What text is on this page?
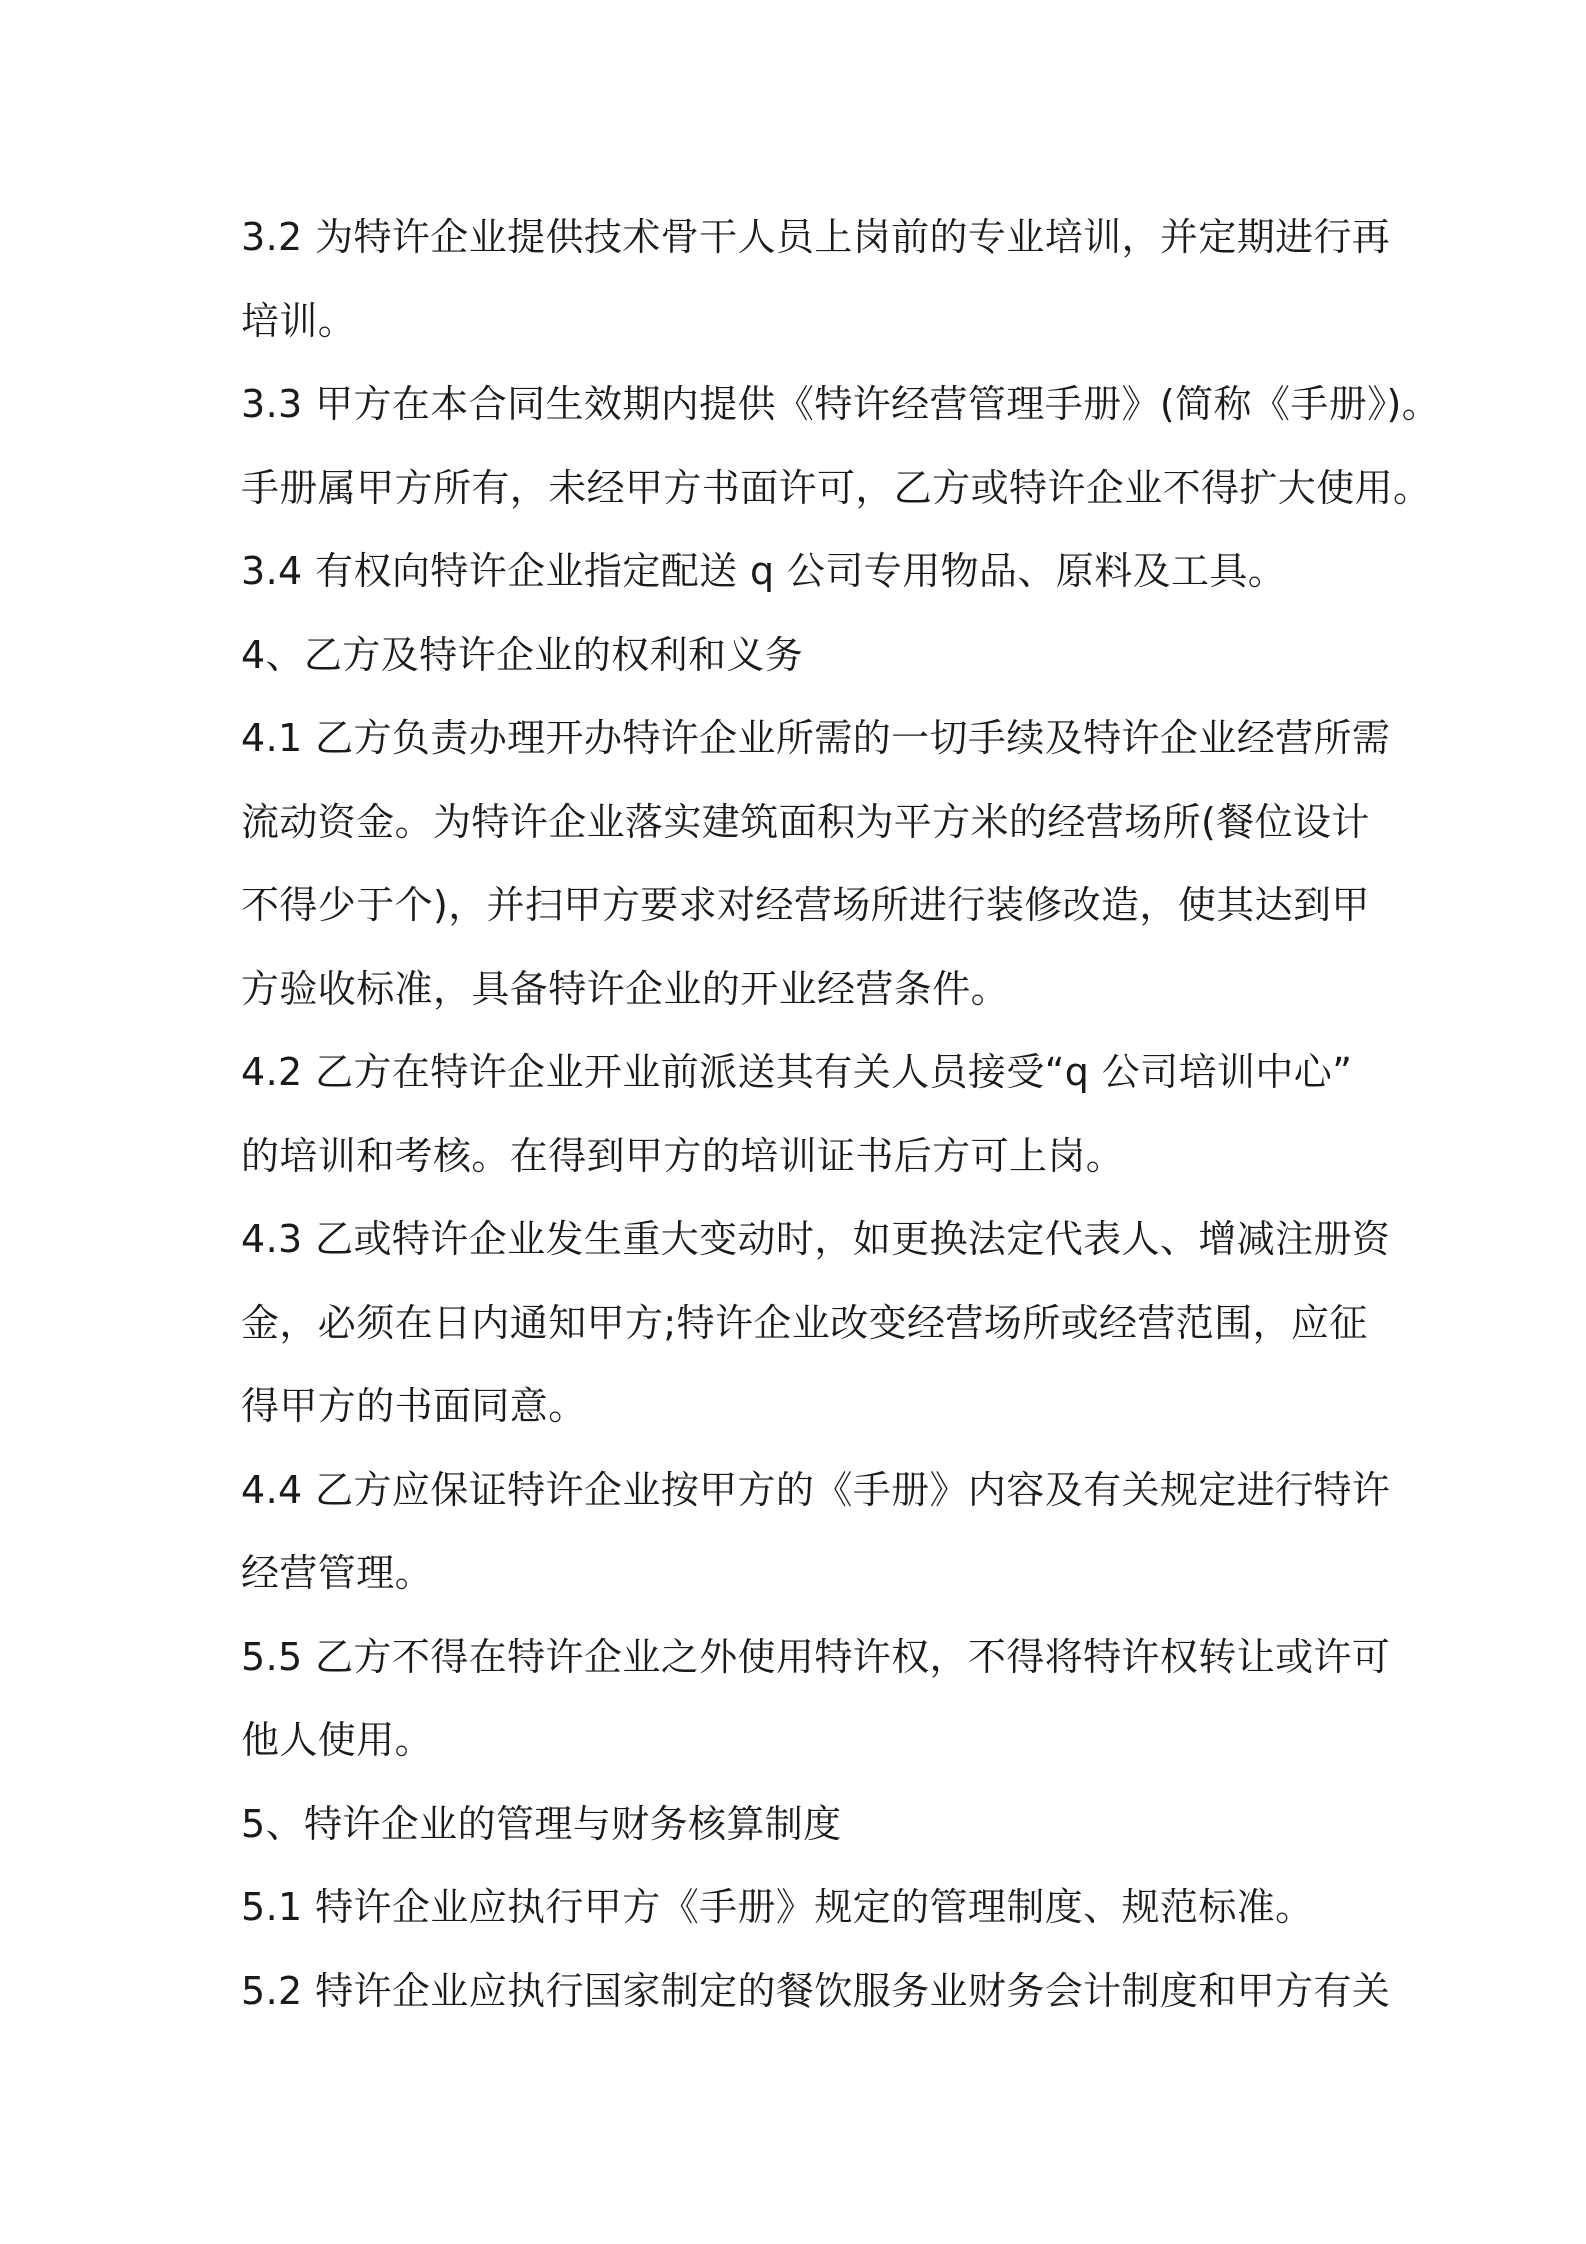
3.2 为特许企业提供技术骨干人员上岗前的专业培训，并定期进行再
培训。
3.3 甲方在本合同生效期内提供《特许经营管理手册》(简称《手册》)。
手册属甲方所有，未经甲方书面许可，乙方或特许企业不得扩大使用。
3.4 有权向特许企业指定配送 q 公司专用物品、原料及工具。
4、乙方及特许企业的权利和义务
4.1 乙方负责办理开办特许企业所需的一切手续及特许企业经营所需
流动资金。为特许企业落实建筑面积为平方米的经营场所(餐位设计
不得少于个)，并扫甲方要求对经营场所进行装修改造，使其达到甲
方验收标准，具备特许企业的开业经营条件。
4.2 乙方在特许企业开业前派送其有关人员接受“q 公司培训中心”
的培训和考核。在得到甲方的培训证书后方可上岗。
4.3 乙或特许企业发生重大变动时，如更换法定代表人、增减注册资
金，必须在日内通知甲方;特许企业改变经营场所或经营范围，应征
得甲方的书面同意。
4.4 乙方应保证特许企业按甲方的《手册》内容及有关规定进行特许
经营管理。
5.5 乙方不得在特许企业之外使用特许权，不得将特许权转让或许可
他人使用。
5、特许企业的管理与财务核算制度
5.1 特许企业应执行甲方《手册》规定的管理制度、规范标准。
5.2 特许企业应执行国家制定的餐饮服务业财务会计制度和甲方有关
